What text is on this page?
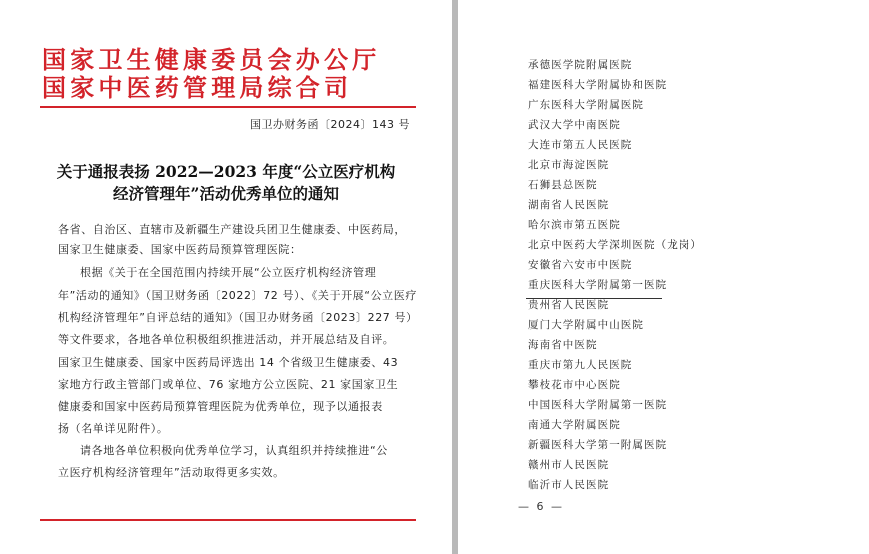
国家卫生健康委员会办公厅
国家中医药管理局综合司
国卫办财务函〔2024〕143 号
关于通报表扬 2022—2023 年度“公立医疗机构
经济管理年”活动优秀单位的通知
各省、自治区、直辖市及新疆生产建设兵团卫生健康委、中医药局，
国家卫生健康委、国家中医药局预算管理医院：
根据《关于在全国范围内持续开展“公立医疗机构经济管理
年”活动的通知》（国卫财务函〔2022〕72 号）、《关于开展“公立医疗
机构经济管理年”自评总结的通知》（国卫办财务函〔2023〕227 号）
等文件要求，各地各单位积极组织推进活动，并开展总结及自评。
国家卫生健康委、国家中医药局评选出 14 个省级卫生健康委、43
家地方行政主管部门或单位、76 家地方公立医院、21 家国家卫生
健康委和国家中医药局预算管理医院为优秀单位，现予以通报表
扬（名单详见附件）。
请各地各单位积极向优秀单位学习，认真组织并持续推进“公
立医疗机构经济管理年”活动取得更多实效。
承德医学院附属医院
福建医科大学附属协和医院
广东医科大学附属医院
武汉大学中南医院
大连市第五人民医院
北京市海淀医院
石狮县总医院
湖南省人民医院
哈尔滨市第五医院
北京中医药大学深圳医院（龙岗）
安徽省六安市中医院
重庆医科大学附属第一医院
贵州省人民医院
厦门大学附属中山医院
海南省中医院
重庆市第九人民医院
攀枝花市中心医院
中国医科大学附属第一医院
南通大学附属医院
新疆医科大学第一附属医院
赣州市人民医院
临沂市人民医院
— 6 —
